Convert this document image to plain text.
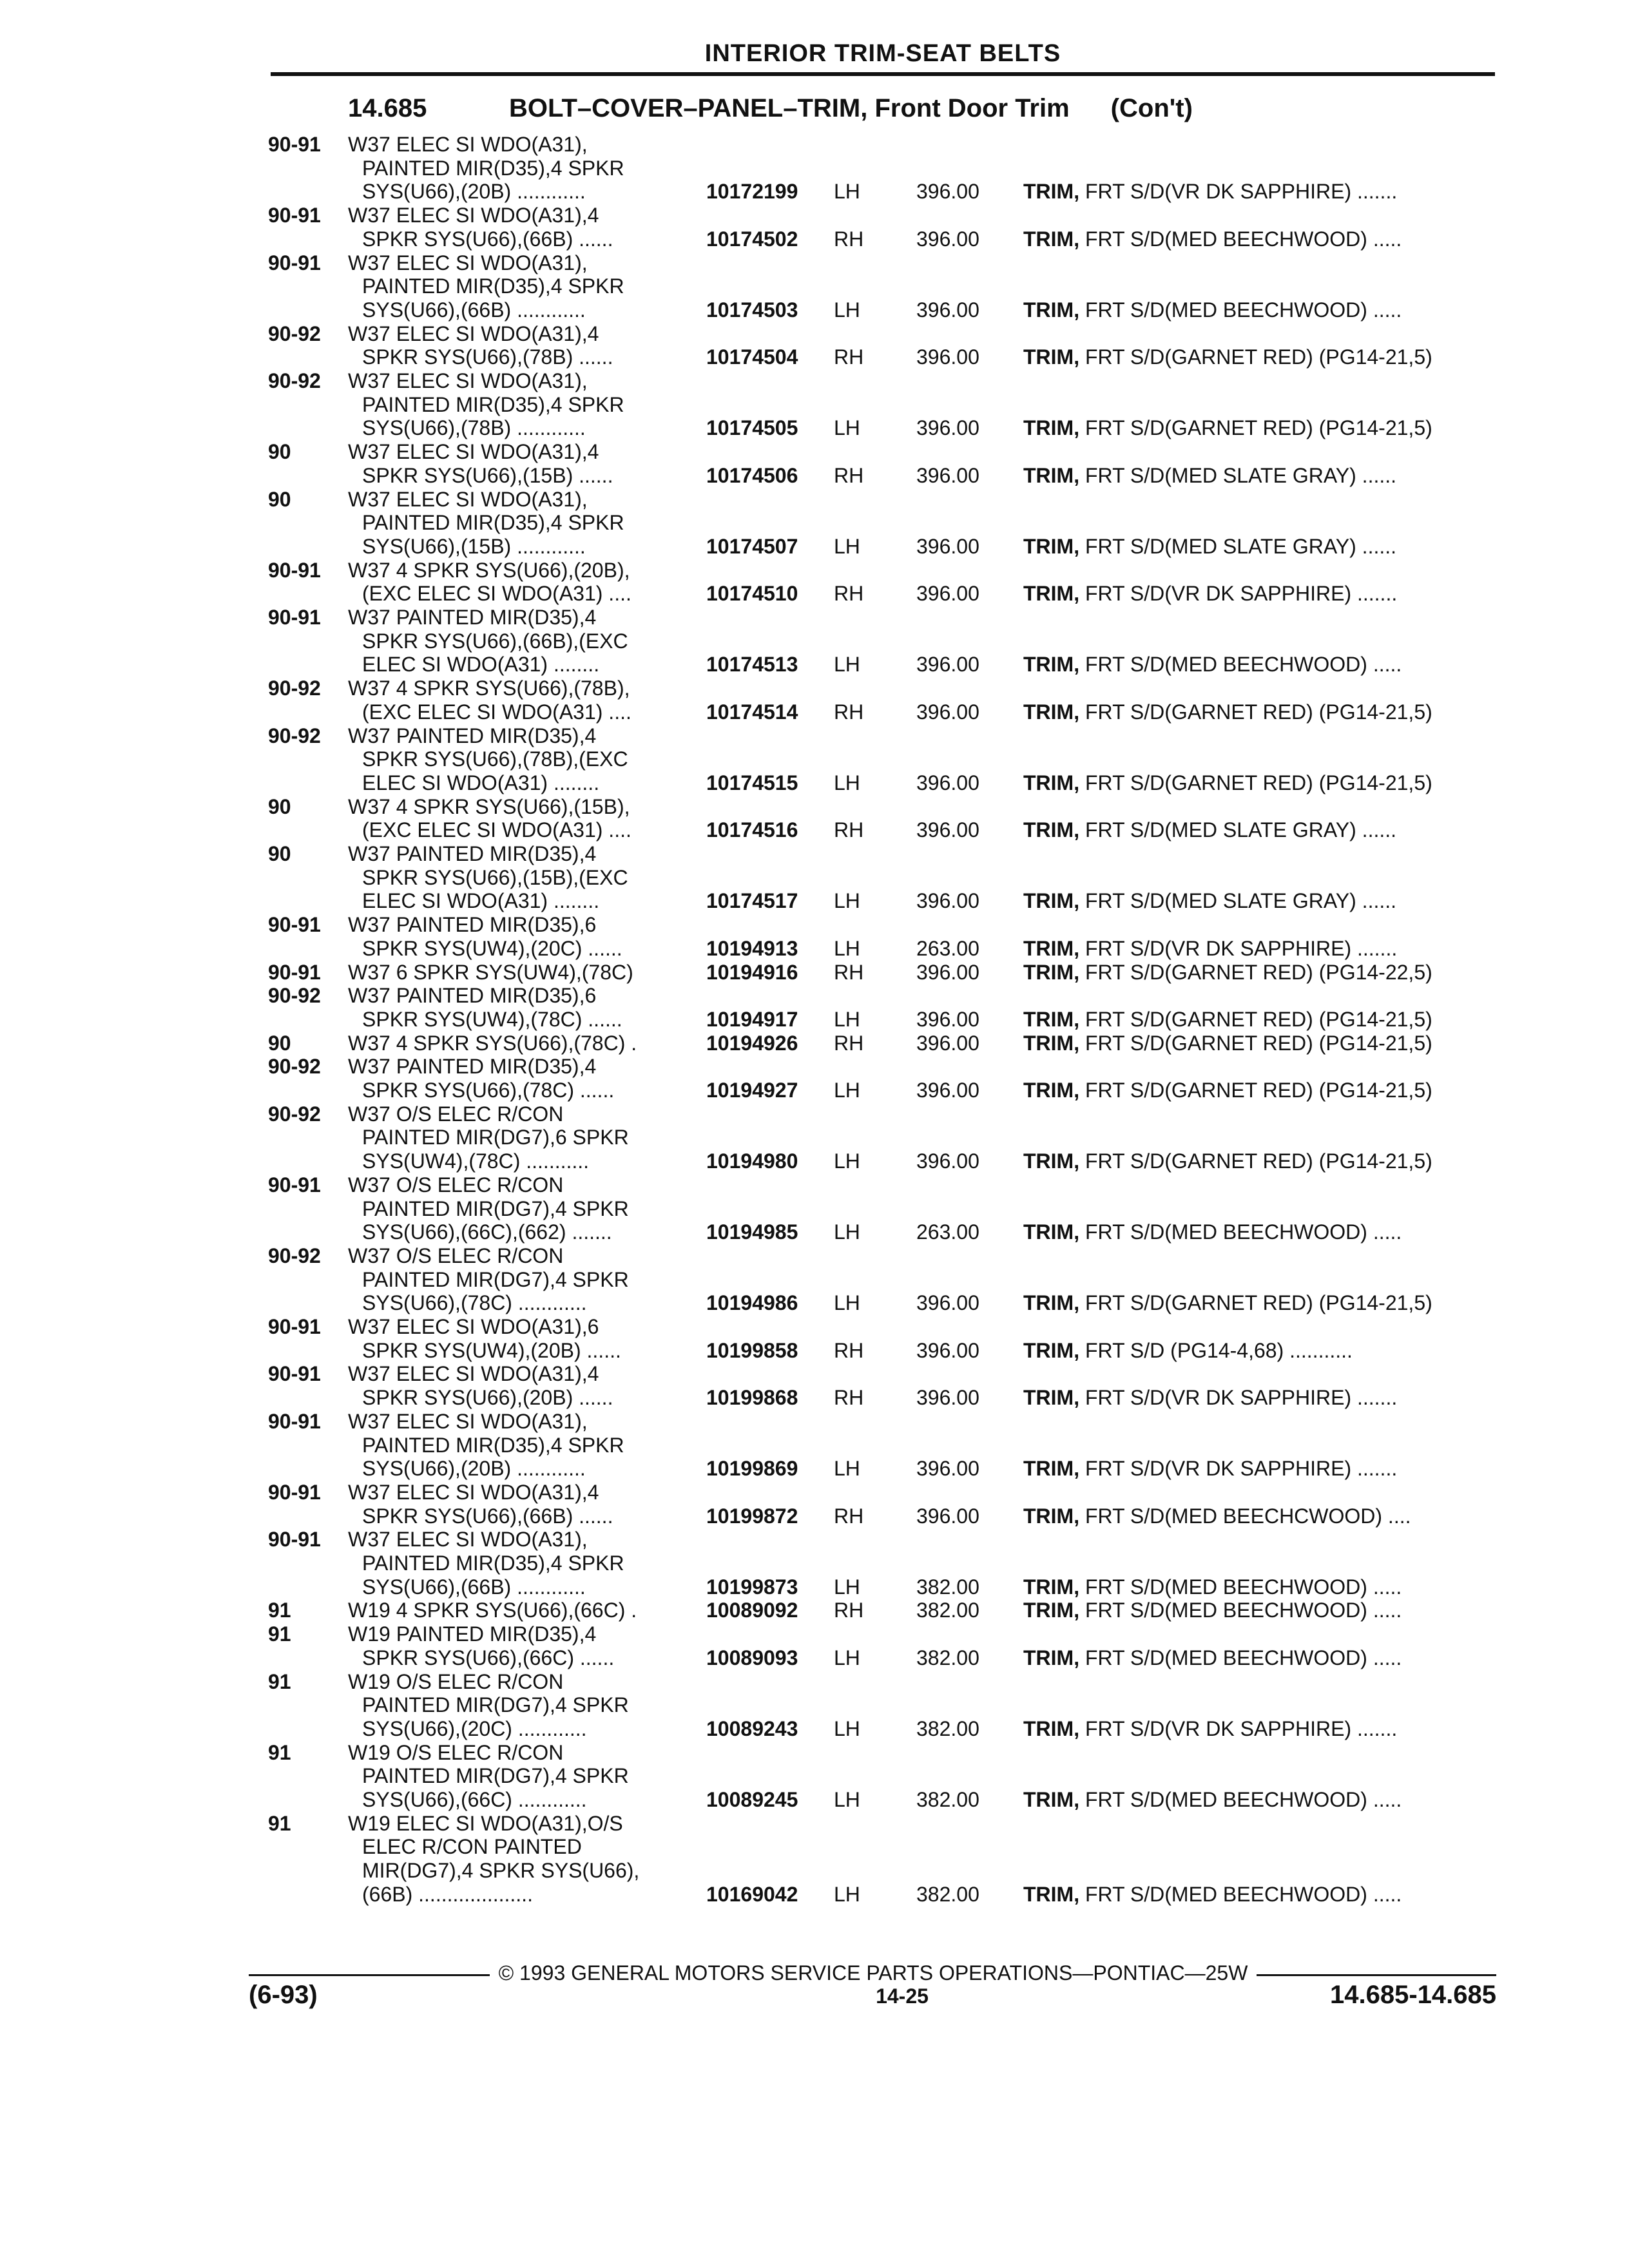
INTERIOR TRIM-SEAT BELTS
14.685	BOLT–COVER–PANEL–TRIM, Front Door Trim (Con't)
90-91 W37 ELEC SI WDO(A31),
PAINTED MIR(D35),4 SPKR
SYS(U66),(20B) ............	10172199 LH	396.00 TRIM, FRT S/D(VR DK SAPPHIRE) .......
90-91 W37 ELEC SI WDO(A31),4
SPKR SYS(U66),(66B) ......	10174502 RH	396.00 TRIM, FRT S/D(MED BEECHWOOD) .....
90-91 W37 ELEC SI WDO(A31),
PAINTED MIR(D35),4 SPKR
SYS(U66),(66B) ............	10174503 LH	396.00 TRIM, FRT S/D(MED BEECHWOOD) .....
90-92 W37 ELEC SI WDO(A31),4
SPKR SYS(U66),(78B) ......	10174504 RH	396.00 TRIM, FRT S/D(GARNET RED) (PG14-21,5)
90-92 W37 ELEC SI WDO(A31),
PAINTED MIR(D35),4 SPKR
SYS(U66),(78B) ............	10174505 LH	396.00 TRIM, FRT S/D(GARNET RED) (PG14-21,5)
90	W37 ELEC SI WDO(A31),4
SPKR SYS(U66),(15B) ......	10174506 RH	396.00 TRIM, FRT S/D(MED SLATE GRAY) ......
90	W37 ELEC SI WDO(A31),
PAINTED MIR(D35),4 SPKR
SYS(U66),(15B) ............	10174507 LH	396.00 TRIM, FRT S/D(MED SLATE GRAY) ......
90-91 W37 4 SPKR SYS(U66),(20B),
(EXC ELEC SI WDO(A31) ....	10174510 RH	396.00 TRIM, FRT S/D(VR DK SAPPHIRE) .......
90-91 W37 PAINTED MIR(D35),4
SPKR SYS(U66),(66B),(EXC
ELEC SI WDO(A31) ........	10174513 LH	396.00 TRIM, FRT S/D(MED BEECHWOOD) .....
90-92 W37 4 SPKR SYS(U66),(78B),
(EXC ELEC SI WDO(A31) ....	10174514 RH	396.00 TRIM, FRT S/D(GARNET RED) (PG14-21,5)
90-92 W37 PAINTED MIR(D35),4
SPKR SYS(U66),(78B),(EXC
ELEC SI WDO(A31) ........	10174515 LH	396.00 TRIM, FRT S/D(GARNET RED) (PG14-21,5)
90	W37 4 SPKR SYS(U66),(15B),
(EXC ELEC SI WDO(A31) ....	10174516 RH	396.00 TRIM, FRT S/D(MED SLATE GRAY) ......
90	W37 PAINTED MIR(D35),4
SPKR SYS(U66),(15B),(EXC
ELEC SI WDO(A31) ........	10174517 LH	396.00 TRIM, FRT S/D(MED SLATE GRAY) ......
90-91 W37 PAINTED MIR(D35),6
SPKR SYS(UW4),(20C) ......	10194913 LH	263.00 TRIM, FRT S/D(VR DK SAPPHIRE) .......
90-91 W37 6 SPKR SYS(UW4),(78C)	10194916 RH	396.00 TRIM, FRT S/D(GARNET RED) (PG14-22,5)
90-92 W37 PAINTED MIR(D35),6
SPKR SYS(UW4),(78C) ......	10194917 LH	396.00 TRIM, FRT S/D(GARNET RED) (PG14-21,5)
90	W37 4 SPKR SYS(U66),(78C) .	10194926 RH	396.00 TRIM, FRT S/D(GARNET RED) (PG14-21,5)
90-92 W37 PAINTED MIR(D35),4
SPKR SYS(U66),(78C) ......	10194927 LH	396.00 TRIM, FRT S/D(GARNET RED) (PG14-21,5)
90-92 W37 O/S ELEC R/CON
PAINTED MIR(DG7),6 SPKR
SYS(UW4),(78C) ...........	10194980 LH	396.00 TRIM, FRT S/D(GARNET RED) (PG14-21,5)
90-91 W37 O/S ELEC R/CON
PAINTED MIR(DG7),4 SPKR
SYS(U66),(66C),(662) .......	10194985 LH	263.00 TRIM, FRT S/D(MED BEECHWOOD) .....
90-92 W37 O/S ELEC R/CON
PAINTED MIR(DG7),4 SPKR
SYS(U66),(78C) ............	10194986 LH	396.00 TRIM, FRT S/D(GARNET RED) (PG14-21,5)
90-91 W37 ELEC SI WDO(A31),6
SPKR SYS(UW4),(20B) ......	10199858 RH	396.00 TRIM, FRT S/D (PG14-4,68) ...........
90-91 W37 ELEC SI WDO(A31),4
SPKR SYS(U66),(20B) ......	10199868 RH	396.00 TRIM, FRT S/D(VR DK SAPPHIRE) .......
90-91 W37 ELEC SI WDO(A31),
PAINTED MIR(D35),4 SPKR
SYS(U66),(20B) ............	10199869 LH	396.00 TRIM, FRT S/D(VR DK SAPPHIRE) .......
90-91 W37 ELEC SI WDO(A31),4
SPKR SYS(U66),(66B) ......	10199872 RH	396.00 TRIM, FRT S/D(MED BEECHCWOOD) ....
90-91 W37 ELEC SI WDO(A31),
PAINTED MIR(D35),4 SPKR
SYS(U66),(66B) ............	10199873 LH	382.00 TRIM, FRT S/D(MED BEECHWOOD) .....
91	W19 4 SPKR SYS(U66),(66C) .	10089092 RH	382.00 TRIM, FRT S/D(MED BEECHWOOD) .....
91	W19 PAINTED MIR(D35),4
SPKR SYS(U66),(66C) ......	10089093 LH	382.00 TRIM, FRT S/D(MED BEECHWOOD) .....
91	W19 O/S ELEC R/CON
PAINTED MIR(DG7),4 SPKR
SYS(U66),(20C) ............	10089243 LH	382.00 TRIM, FRT S/D(VR DK SAPPHIRE) .......
91	W19 O/S ELEC R/CON
PAINTED MIR(DG7),4 SPKR
SYS(U66),(66C) ............	10089245 LH	382.00 TRIM, FRT S/D(MED BEECHWOOD) .....
91	W19 ELEC SI WDO(A31),O/S
ELEC R/CON PAINTED
MIR(DG7),4 SPKR SYS(U66),
(66B) ....................	10169042 LH	382.00 TRIM, FRT S/D(MED BEECHWOOD) .....
© 1993 GENERAL MOTORS SERVICE PARTS OPERATIONS—PONTIAC—25W
(6-93)	14-25	14.685-14.685
